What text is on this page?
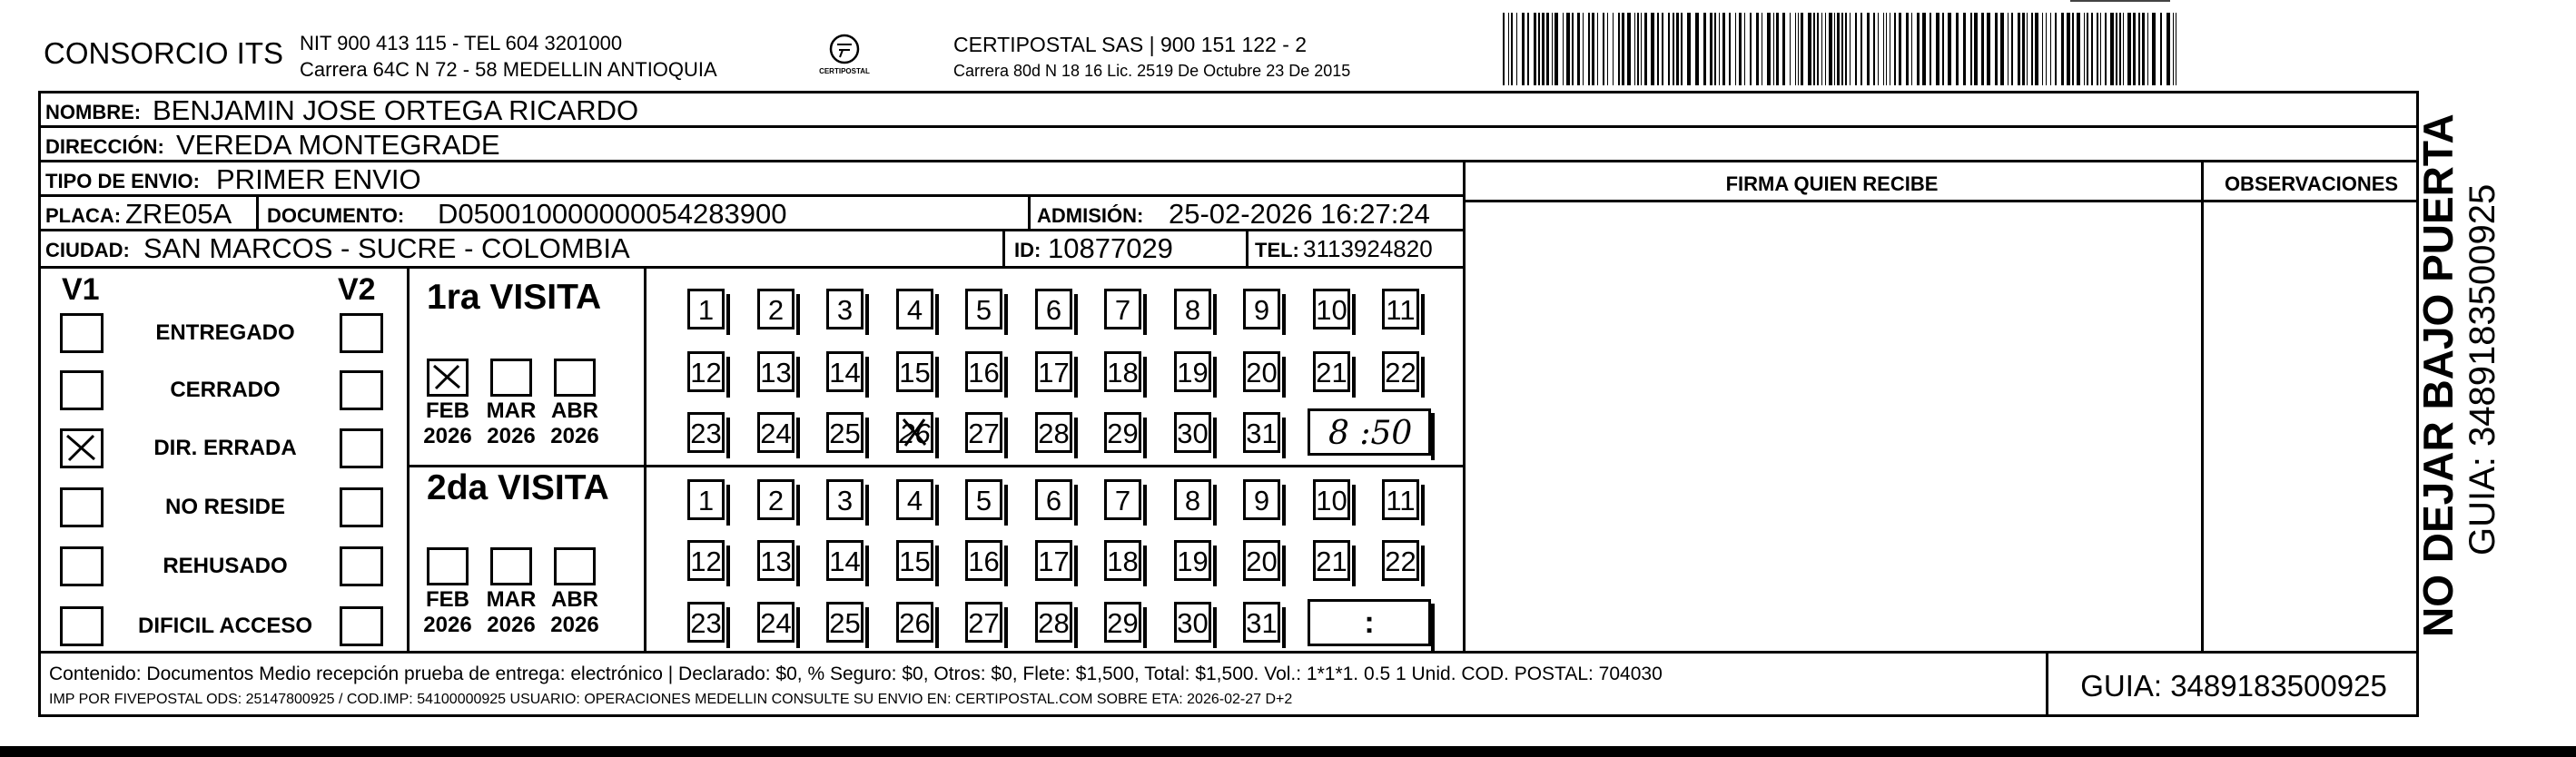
CONSORCIO ITS NIT 900 413 115 - TEL 604 3201000
Carrera 64C N 72 - 58 MEDELLIN ANTIOQUIA	CERTIPOSTAL
CERTIPOSTAL SAS | 900 151 122 - 2
Carrera 80d N 18 16 Lic. 2519 De Octubre 23 De 2015
NOMBRE: BENJAMIN JOSE ORTEGA RICARDO
DIRECCIÓN: VEREDA MONTEGRADE
TIPO DE ENVIO: PRIMER ENVIO
PLACA: ZRE05A DOCUMENTO: D050010000000054283900	ADMISIÓN: 25-02-2026 16:27:24
CIUDAD: SAN MARCOS - SUCRE - COLOMBIA	ID: 10877029	TEL: 3113924820
FIRMA QUIEN RECIBE	OBSERVACIONES
V1	V2
ENTREGADO
CERRADO
DIR. ERRADA
NO RESIDE
REHUSADO
DIFICIL ACCESO
1ra VISITA
2da VISITA
FEB
2026
MAR
2026
ABR
2026
FEB
2026
MAR
2026
ABR
2026
1	2	3	4	5	6	7	8	9	10 11
12 13 14 15 16 17 18 19 20 21 22
23 24 25 26 27 28 29 30 31
1	2	3	4	5	6	7	8	9	10 11
12 13 14 15 16 17 18 19 20 21 22
23 24 25 26 27 28 29 30 31
8 :50
:
Contenido: Documentos Medio recepción prueba de entrega: electrónico | Declarado: $0, % Seguro: $0, Otros: $0, Flete: $1,500, Total: $1,500. Vol.: 1*1*1. 0.5 1 Unid. COD. POSTAL: 704030
IMP POR FIVEPOSTAL ODS: 25147800925 / COD.IMP: 54100000925 USUARIO: OPERACIONES MEDELLIN CONSULTE SU ENVIO EN: CERTIPOSTAL.COM SOBRE ETA: 2026-02-27 D+2	GUIA: 3489183500925
NO DEJAR BAJO PUERTA GUIA: 3489183500925
